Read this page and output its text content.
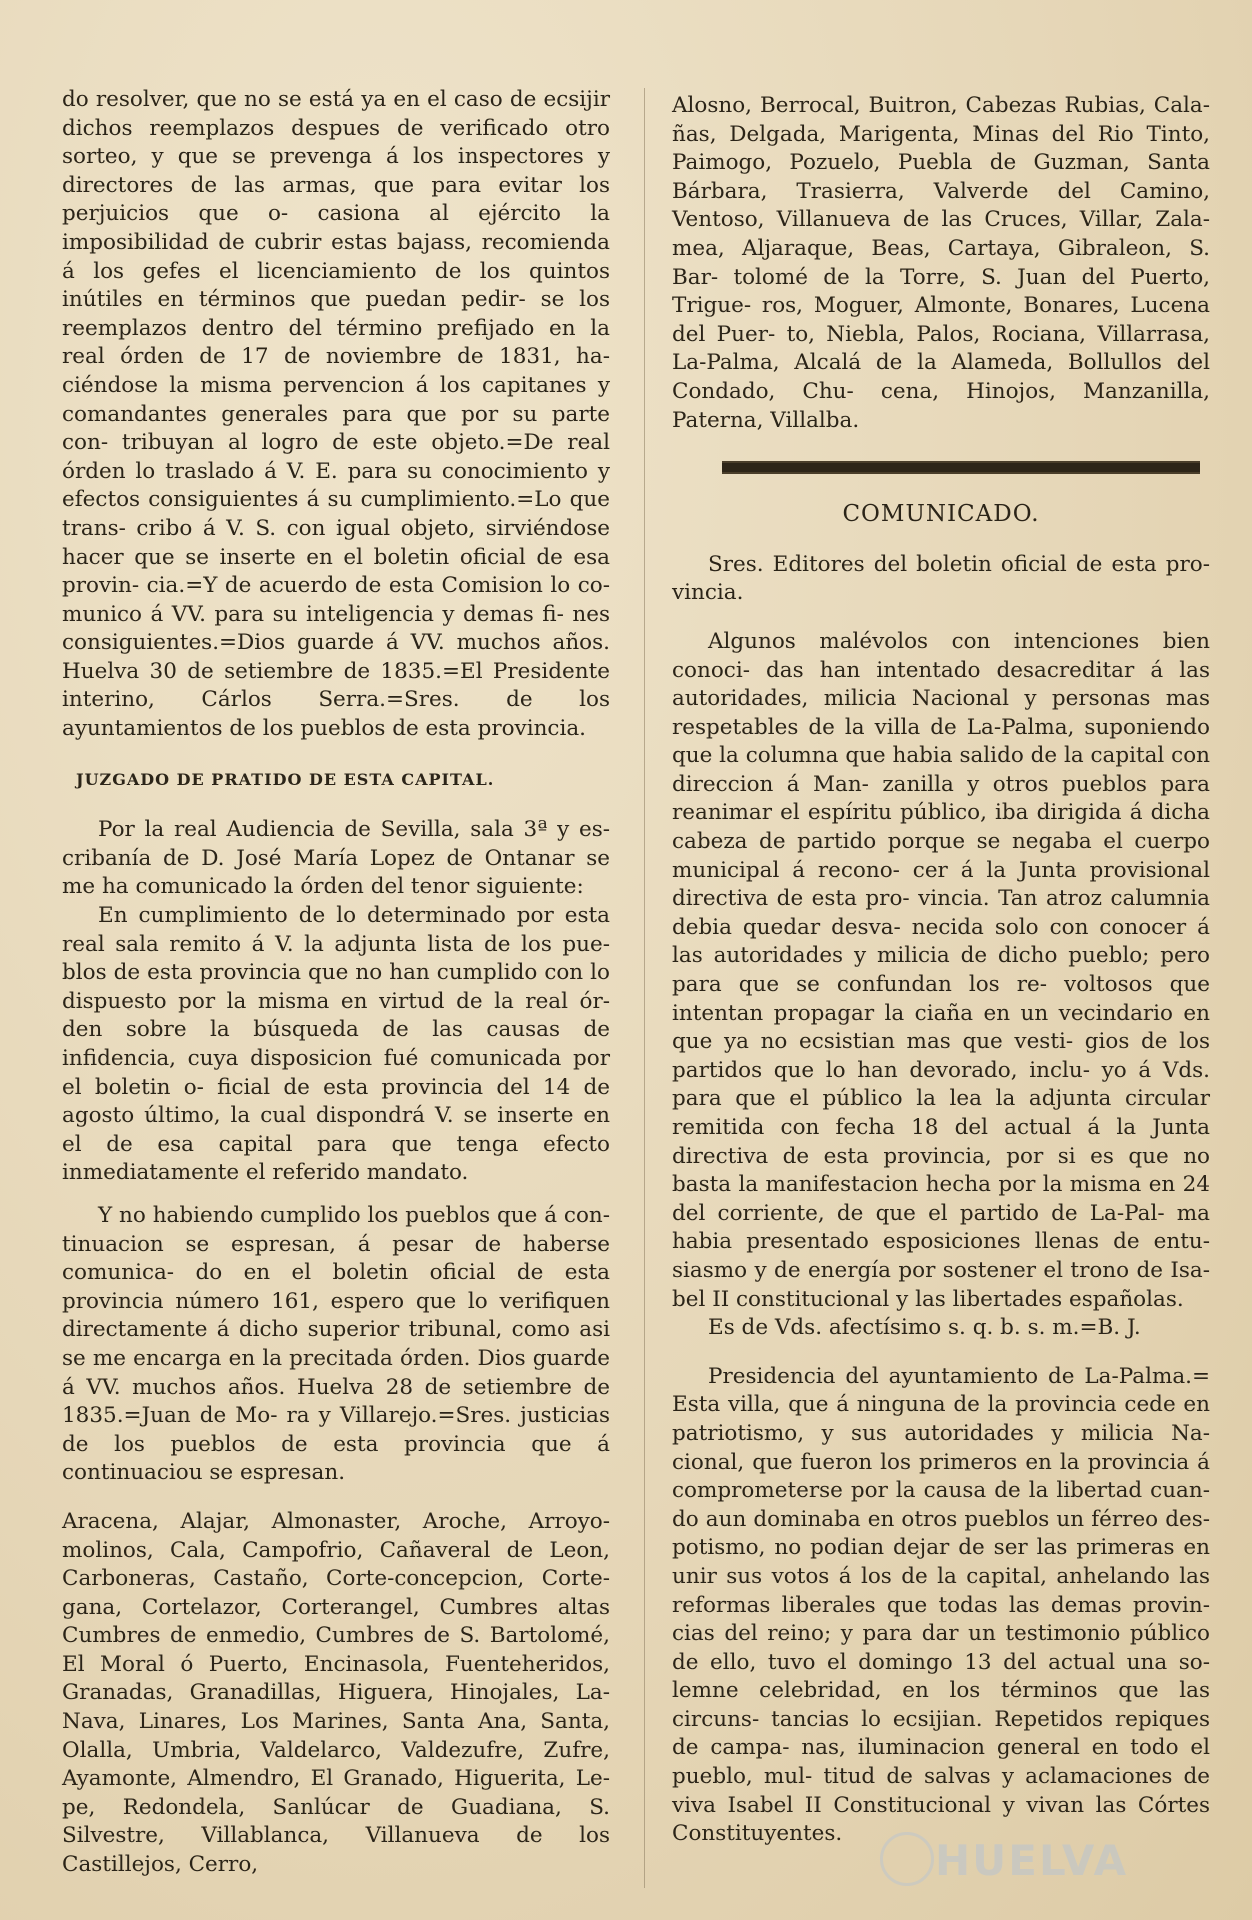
do resolver, que no se está ya en el caso de ecsijir dichos reemplazos despues de verificado otro sorteo, y que se prevenga á los inspectores y directores de las armas, que para evitar los perjuicios que o- casiona al ejército la imposibilidad de cubrir estas bajass, recomienda á los gefes el licenciamiento de los quintos inútiles en términos que puedan pedir- se los reemplazos dentro del término prefijado en la real órden de 17 de noviembre de 1831, ha- ciéndose la misma pervencion á los capitanes y comandantes generales para que por su parte con- tribuyan al logro de este objeto.=De real órden lo traslado á V. E. para su conocimiento y efectos consiguientes á su cumplimiento.=Lo que trans- cribo á V. S. con igual objeto, sirviéndose hacer que se inserte en el boletin oficial de esa provin- cia.=Y de acuerdo de esta Comision lo co- munico á VV. para su inteligencia y demas fi- nes consiguientes.=Dios guarde á VV. muchos años. Huelva 30 de setiembre de 1835.=El Presidente interino, Cárlos Serra.=Sres. de los ayuntamientos de los pueblos de esta provincia.

JUZGADO DE PRATIDO DE ESTA CAPITAL.

Por la real Audiencia de Sevilla, sala 3ª y es- cribanía de D. José María Lopez de Ontanar se me ha comunicado la órden del tenor siguiente:

En cumplimiento de lo determinado por esta real sala remito á V. la adjunta lista de los pue- blos de esta provincia que no han cumplido con lo dispuesto por la misma en virtud de la real ór- den sobre la búsqueda de las causas de infidencia, cuya disposicion fué comunicada por el boletin o- ficial de esta provincia del 14 de agosto último, la cual dispondrá V. se inserte en el de esa capital para que tenga efecto inmediatamente el referido mandato.

Y no habiendo cumplido los pueblos que á con- tinuacion se espresan, á pesar de haberse comunica- do en el boletin oficial de esta provincia número 161, espero que lo verifiquen directamente á dicho superior tribunal, como asi se me encarga en la precitada órden. Dios guarde á VV. muchos años. Huelva 28 de setiembre de 1835.=Juan de Mo- ra y Villarejo.=Sres. justicias de los pueblos de esta provincia que á continuaciou se espresan.

Aracena, Alajar, Almonaster, Aroche, Arroyo- molinos, Cala, Campofrio, Cañaveral de Leon, Carboneras, Castaño, Corte-concepcion, Corte- gana, Cortelazor, Corterangel, Cumbres altas Cumbres de enmedio, Cumbres de S. Bartolomé, El Moral ó Puerto, Encinasola, Fuenteheridos, Granadas, Granadillas, Higuera, Hinojales, La- Nava, Linares, Los Marines, Santa Ana, Santa, Olalla, Umbria, Valdelarco, Valdezufre, Zufre, Ayamonte, Almendro, El Granado, Higuerita, Le- pe, Redondela, Sanlúcar de Guadiana, S. Silvestre, Villablanca, Villanueva de los Castillejos, Cerro,

Alosno, Berrocal, Buitron, Cabezas Rubias, Cala- ñas, Delgada, Marigenta, Minas del Rio Tinto, Paimogo, Pozuelo, Puebla de Guzman, Santa Bárbara, Trasierra, Valverde del Camino, Ventoso, Villanueva de las Cruces, Villar, Zala- mea, Aljaraque, Beas, Cartaya, Gibraleon, S. Bar- tolomé de la Torre, S. Juan del Puerto, Trigue- ros, Moguer, Almonte, Bonares, Lucena del Puer- to, Niebla, Palos, Rociana, Villarrasa, La-Palma, Alcalá de la Alameda, Bollullos del Condado, Chu- cena, Hinojos, Manzanilla, Paterna, Villalba.

COMUNICADO.

Sres. Editores del boletin oficial de esta pro- vincia.

Algunos malévolos con intenciones bien conoci- das han intentado desacreditar á las autoridades, milicia Nacional y personas mas respetables de la villa de La-Palma, suponiendo que la columna que habia salido de la capital con direccion á Man- zanilla y otros pueblos para reanimar el espíritu público, iba dirigida á dicha cabeza de partido porque se negaba el cuerpo municipal á recono- cer á la Junta provisional directiva de esta pro- vincia. Tan atroz calumnia debia quedar desva- necida solo con conocer á las autoridades y milicia de dicho pueblo; pero para que se confundan los re- voltosos que intentan propagar la ciaña en un vecindario en que ya no ecsistian mas que vesti- gios de los partidos que lo han devorado, inclu- yo á Vds. para que el público la lea la adjunta circular remitida con fecha 18 del actual á la Junta directiva de esta provincia, por si es que no basta la manifestacion hecha por la misma en 24 del corriente, de que el partido de La-Pal- ma habia presentado esposiciones llenas de entu- siasmo y de energía por sostener el trono de Isa- bel II constitucional y las libertades españolas.

Es de Vds. afectísimo s. q. b. s. m.=B. J.

Presidencia del ayuntamiento de La-Palma.= Esta villa, que á ninguna de la provincia cede en patriotismo, y sus autoridades y milicia Na- cional, que fueron los primeros en la provincia á comprometerse por la causa de la libertad cuan- do aun dominaba en otros pueblos un férreo des- potismo, no podian dejar de ser las primeras en unir sus votos á los de la capital, anhelando las reformas liberales que todas las demas provin- cias del reino; y para dar un testimonio público de ello, tuvo el domingo 13 del actual una so- lemne celebridad, en los términos que las circuns- tancias lo ecsijian. Repetidos repiques de campa- nas, iluminacion general en todo el pueblo, mul- titud de salvas y aclamaciones de viva Isabel II Constitucional y vivan las Córtes Constituyentes.

HUELVA
